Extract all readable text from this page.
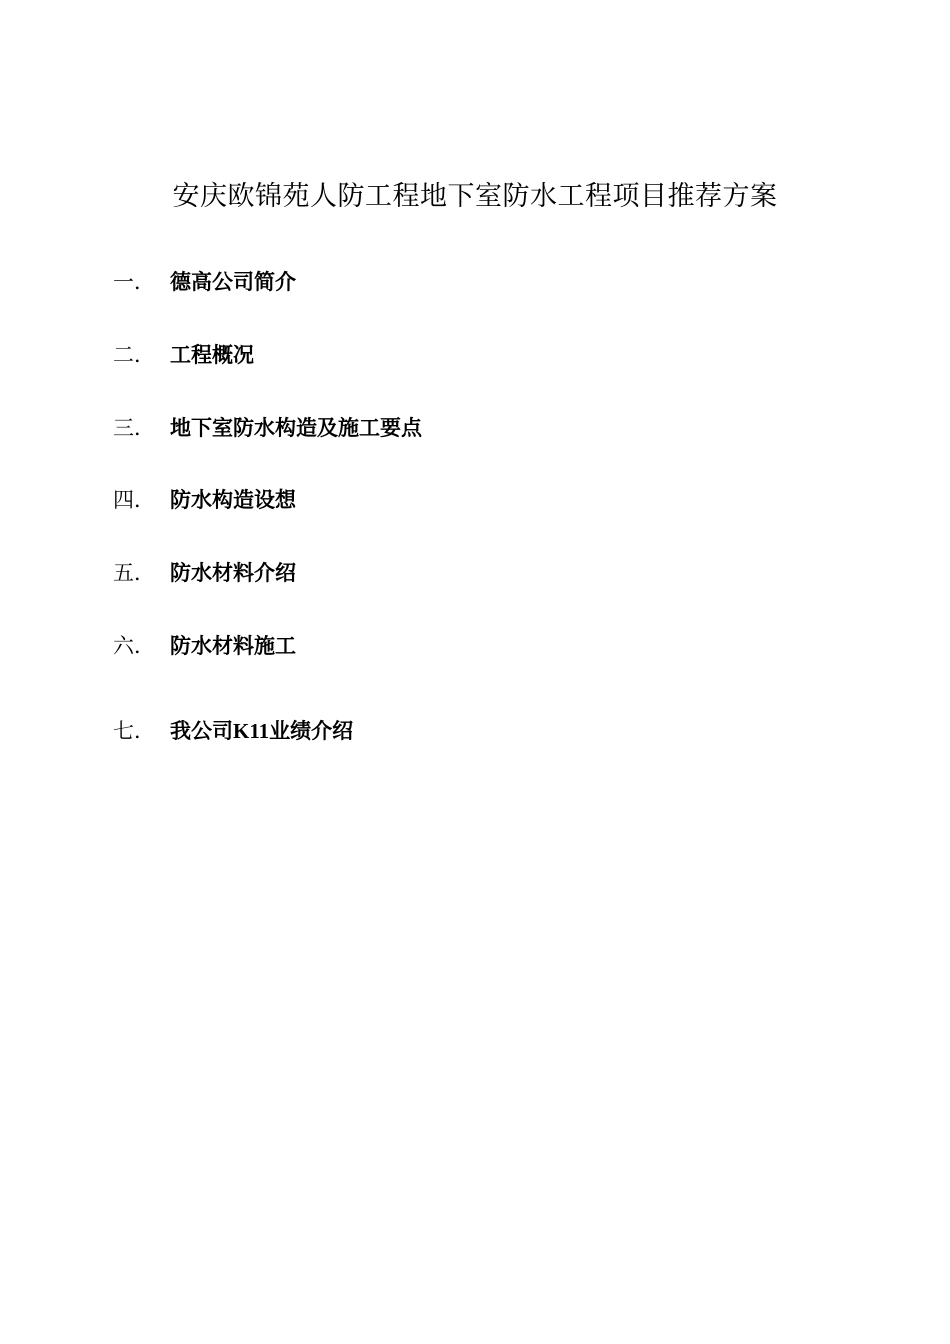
安庆欧锦苑人防工程地下室防水工程项目推荐方案
一． 德高公司简介
二． 工程概况
三． 地下室防水构造及施工要点
四． 防水构造设想
五． 防水材料介绍
六． 防水材料施工
七． 我公司K11业绩介绍
